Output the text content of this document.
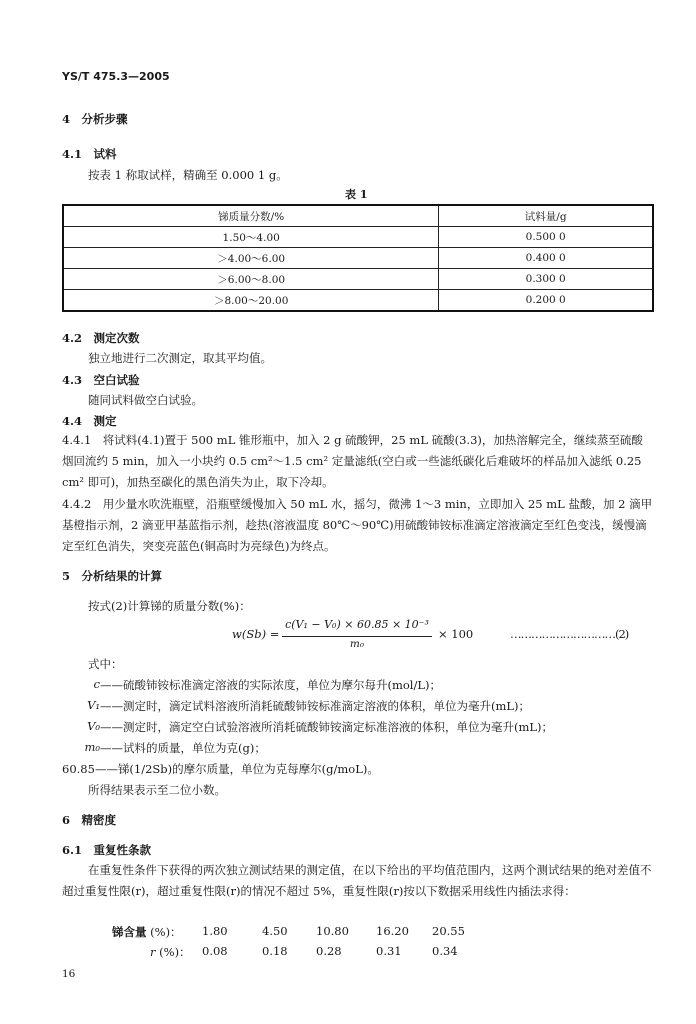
YS/T 475.3—2005
4　 分析步骤
4.1　 试料
按表 1 称取试样，精确至 0.000 1 g。
表 1
锑质量分数/%	试料量/g
1.50～4.00	0.500 0
＞4.00～6.00	0.400 0
＞6.00～8.00	0.300 0
＞8.00～20.00	0.200 0
4.2　 测定次数
独立地进行二次测定，取其平均值。
4.3　 空白试验
随同试料做空白试验。
4.4　 测定
4.4.1　将试料(4.1)置于 500 mL 锥形瓶中，加入 2 g 硫酸钾，25 mL 硫酸(3.3)，加热溶解完全，继续蒸至硫酸烟回流约 5 min，加入一小块约 0.5 cm²～1.5 cm² 定量滤纸(空白或一些滤纸碳化后难破坏的样品加入滤纸 0.25 cm² 即可)，加热至碳化的黑色消失为止，取下冷却。
4.4.2　用少量水吹洗瓶壁，沿瓶壁缓慢加入 50 mL 水，摇匀，微沸 1～3 min，立即加入 25 mL 盐酸，加 2 滴甲基橙指示剂，2 滴亚甲基蓝指示剂，趁热(溶液温度 80℃～90℃)用硫酸铈铵标准滴定溶液滴定至红色变浅，缓慢滴定至红色消失，突变亮蓝色(铜高时为亮绿色)为终点。
5　 分析结果的计算
按式(2)计算锑的质量分数(%)：
w(Sb) =
c(V₁ − V₀) × 60.85 × 10⁻³
m₀
× 100	…………………………(2)
式中：
c ——硫酸铈铵标准滴定溶液的实际浓度，单位为摩尔每升(mol/L)；
V₁ ——测定时，滴定试料溶液所消耗硫酸铈铵标准滴定溶液的体积，单位为毫升(mL)；
V₀ ——测定时，滴定空白试验溶液所消耗硫酸铈铵滴定标准溶液的体积，单位为毫升(mL)；
m₀ ——试料的质量，单位为克(g)；
60.85——锑(1/2Sb)的摩尔质量，单位为克每摩尔(g/moL)。
所得结果表示至二位小数。
6　 精密度
6.1　 重复性条款
在重复性条件下获得的两次独立测试结果的测定值，在以下给出的平均值范围内，这两个测试结果的绝对差值不超过重复性限(r)，超过重复性限(r)的情况不超过 5%，重复性限(r)按以下数据采用线性内插法求得：
锑含量 (%)： 1.80	4.50 10.80 16.20 20.55
r (%)： 0.08	0.18 0.28	0.31	0.34
16
